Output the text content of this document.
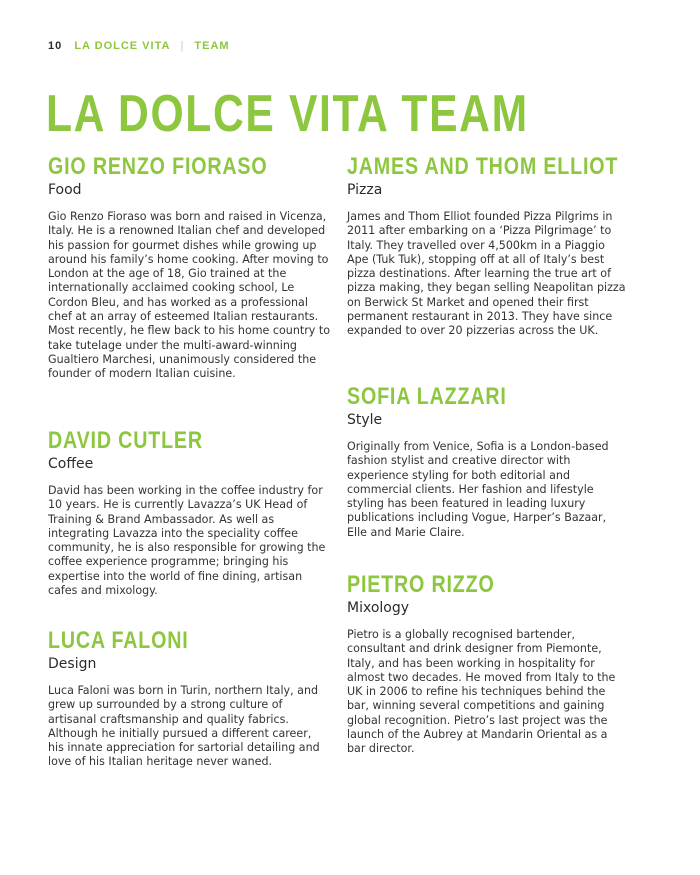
10 LA DOLCE VITA | TEAM
LA DOLCE VITA TEAM
GIO RENZO FIORASO

Food

Gio Renzo Fioraso was born and raised in Vicenza, Italy. He is a renowned Italian chef and developed his passion for gourmet dishes while growing up around his family’s home cooking. After moving to London at the age of 18, Gio trained at the internationally acclaimed cooking school, Le Cordon Bleu, and has worked as a professional chef at an array of esteemed Italian restaurants. Most recently, he flew back to his home country to take tutelage under the multi-award-winning Gualtiero Marchesi, unanimously considered the founder of modern Italian cuisine.

DAVID CUTLER

Coffee

David has been working in the coffee industry for 10 years. He is currently Lavazza’s UK Head of Training & Brand Ambassador. As well as integrating Lavazza into the speciality coffee community, he is also responsible for growing the coffee experience programme; bringing his expertise into the world of fine dining, artisan cafes and mixology.

LUCA FALONI

Design

Luca Faloni was born in Turin, northern Italy, and grew up surrounded by a strong culture of artisanal craftsmanship and quality fabrics. Although he initially pursued a different career, his innate appreciation for sartorial detailing and love of his Italian heritage never waned.

JAMES AND THOM ELLIOT

Pizza

James and Thom Elliot founded Pizza Pilgrims in 2011 after embarking on a ‘Pizza Pilgrimage’ to Italy. They travelled over 4,500km in a Piaggio Ape (Tuk Tuk), stopping off at all of Italy’s best pizza destinations. After learning the true art of pizza making, they began selling Neapolitan pizza on Berwick St Market and opened their first permanent restaurant in 2013. They have since expanded to over 20 pizzerias across the UK.

SOFIA LAZZARI

Style

Originally from Venice, Sofia is a London-based fashion stylist and creative director with experience styling for both editorial and commercial clients. Her fashion and lifestyle styling has been featured in leading luxury publications including Vogue, Harper’s Bazaar, Elle and Marie Claire.

PIETRO RIZZO

Mixology

Pietro is a globally recognised bartender, consultant and drink designer from Piemonte, Italy, and has been working in hospitality for almost two decades. He moved from Italy to the UK in 2006 to refine his techniques behind the bar, winning several competitions and gaining global recognition. Pietro’s last project was the launch of the Aubrey at Mandarin Oriental as a bar director.
